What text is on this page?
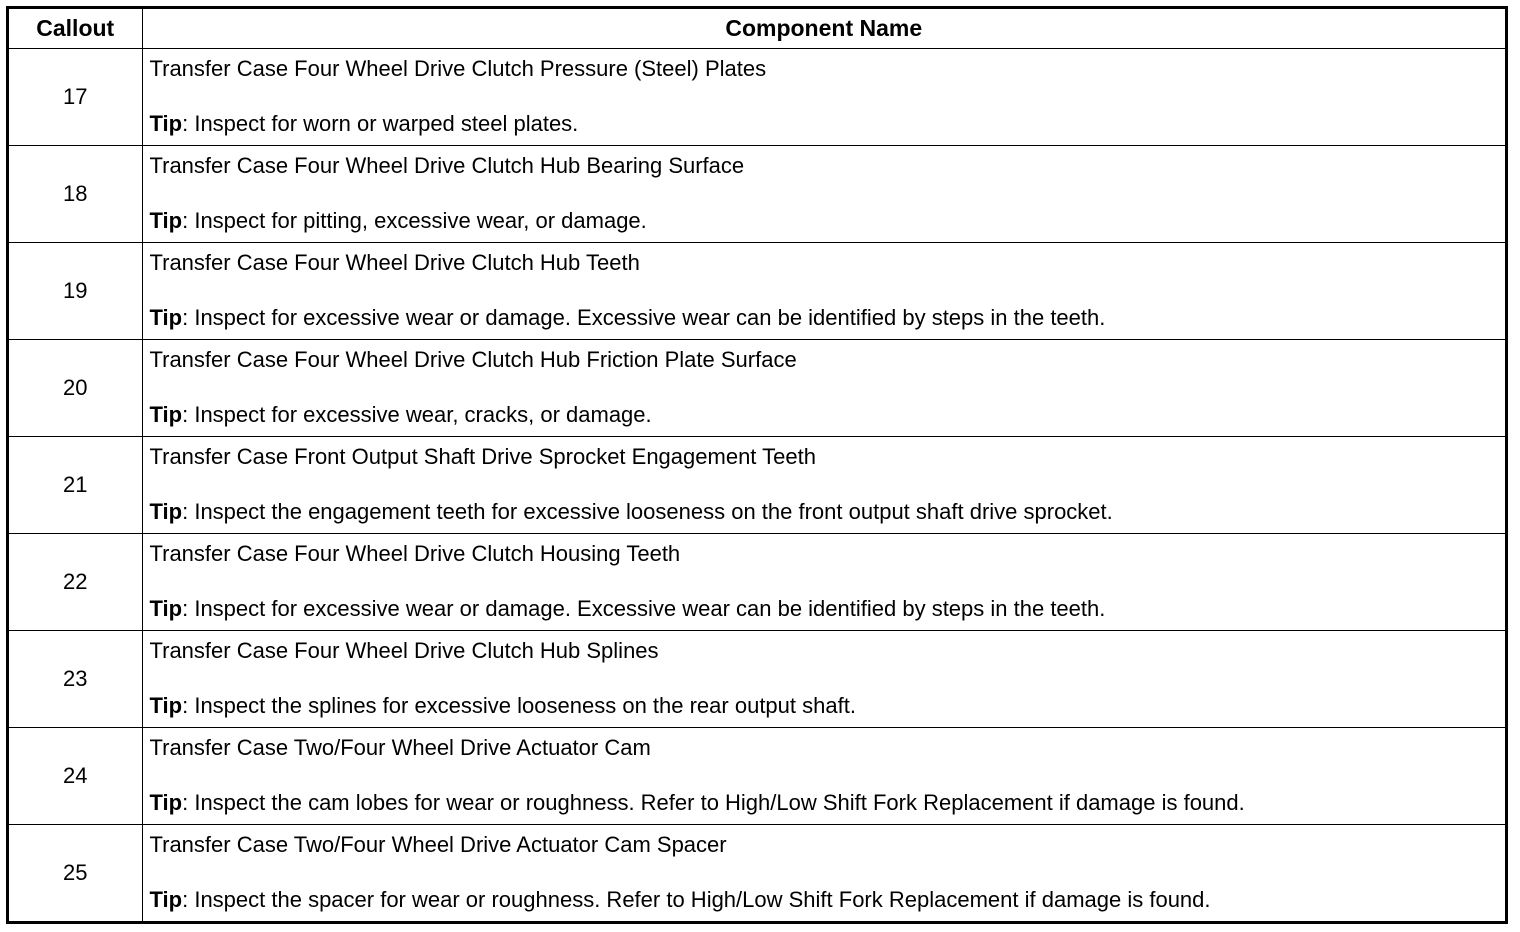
Callout	Component Name
17	Transfer Case Four Wheel Drive Clutch Pressure (Steel) Plates
Tip: Inspect for worn or warped steel plates.

18	Transfer Case Four Wheel Drive Clutch Hub Bearing Surface
Tip: Inspect for pitting, excessive wear, or damage.

19	Transfer Case Four Wheel Drive Clutch Hub Teeth
Tip: Inspect for excessive wear or damage. Excessive wear can be identified by steps in the teeth.

20	Transfer Case Four Wheel Drive Clutch Hub Friction Plate Surface
Tip: Inspect for excessive wear, cracks, or damage.

21	Transfer Case Front Output Shaft Drive Sprocket Engagement Teeth
Tip: Inspect the engagement teeth for excessive looseness on the front output shaft drive sprocket.

22	Transfer Case Four Wheel Drive Clutch Housing Teeth
Tip: Inspect for excessive wear or damage. Excessive wear can be identified by steps in the teeth.

23	Transfer Case Four Wheel Drive Clutch Hub Splines
Tip: Inspect the splines for excessive looseness on the rear output shaft.

24	Transfer Case Two/Four Wheel Drive Actuator Cam
Tip: Inspect the cam lobes for wear or roughness. Refer to High/Low Shift Fork Replacement if damage is found.

25	Transfer Case Two/Four Wheel Drive Actuator Cam Spacer
Tip: Inspect the spacer for wear or roughness. Refer to High/Low Shift Fork Replacement if damage is found.
